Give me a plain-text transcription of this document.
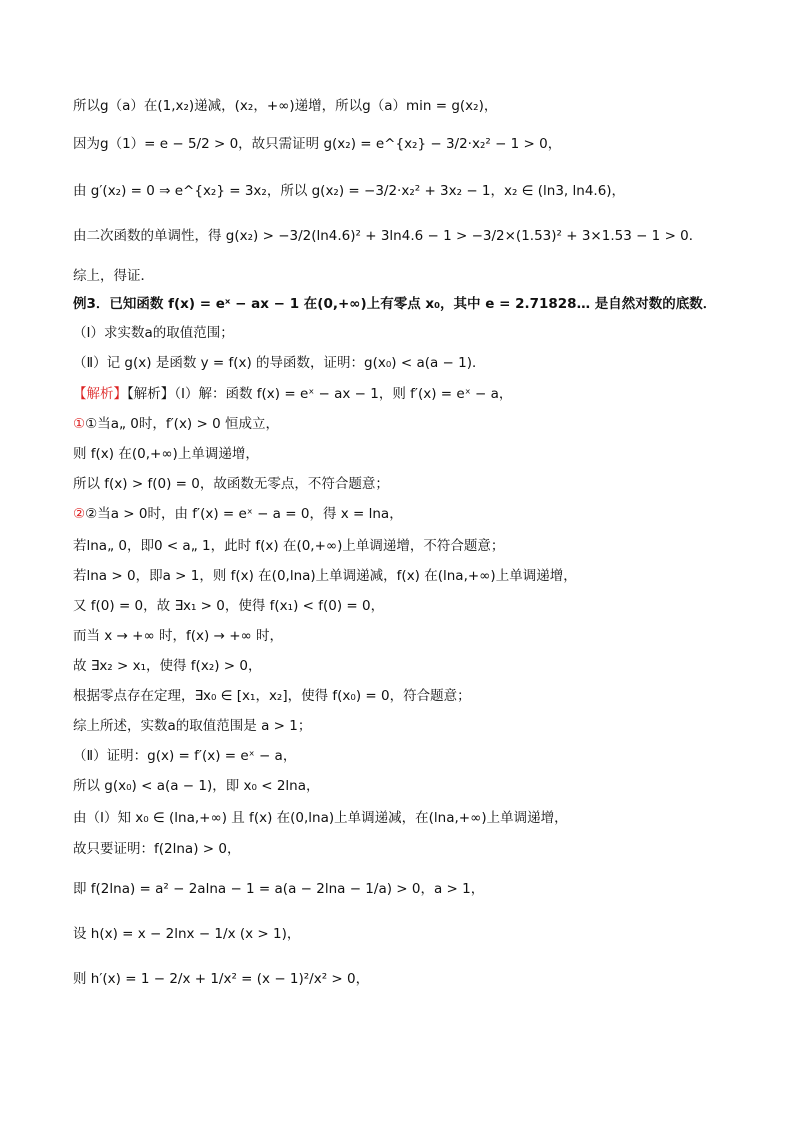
所以g（a）在(1,x₂)递减，(x₂，+∞)递增，所以g（a）min = g(x₂)，
因为g（1）= e − 5/2 > 0，故只需证明 g(x₂) = e^{x₂} − 3/2·x₂² − 1 > 0，
由 g′(x₂) = 0 ⇒ e^{x₂} = 3x₂，所以 g(x₂) = −3/2·x₂² + 3x₂ − 1，x₂ ∈ (ln3, ln4.6)，
由二次函数的单调性，得 g(x₂) > −3/2(ln4.6)² + 3ln4.6 − 1 > −3/2×(1.53)² + 3×1.53 − 1 > 0．
综上，得证．
例3．已知函数 f(x) = eˣ − ax − 1 在(0,+∞)上有零点 x₀，其中 e = 2.71828… 是自然对数的底数．
（Ⅰ）求实数a的取值范围；
（Ⅱ）记 g(x) 是函数 y = f(x) 的导函数，证明：g(x₀) < a(a − 1)．
【解析】【解析】（Ⅰ）解：函数 f(x) = eˣ − ax − 1，则 f′(x) = eˣ − a，
①①当a„ 0时，f′(x) > 0 恒成立，
则 f(x) 在(0,+∞)上单调递增，
所以 f(x) > f(0) = 0，故函数无零点，不符合题意；
②②当a > 0时，由 f′(x) = eˣ − a = 0，得 x = lna，
若lna„ 0，即0 < a„ 1，此时 f(x) 在(0,+∞)上单调递增，不符合题意；
若lna > 0，即a > 1，则 f(x) 在(0,lna)上单调递减，f(x) 在(lna,+∞)上单调递增，
又 f(0) = 0，故 ∃x₁ > 0，使得 f(x₁) < f(0) = 0，
而当 x → +∞ 时，f(x) → +∞ 时，
故 ∃x₂ > x₁，使得 f(x₂) > 0，
根据零点存在定理，∃x₀ ∈ [x₁，x₂]，使得 f(x₀) = 0，符合题意；
综上所述，实数a的取值范围是 a > 1；
（Ⅱ）证明：g(x) = f′(x) = eˣ − a，
所以 g(x₀) < a(a − 1)，即 x₀ < 2lna，
由（Ⅰ）知 x₀ ∈ (lna,+∞) 且 f(x) 在(0,lna)上单调递减，在(lna,+∞)上单调递增，
故只要证明：f(2lna) > 0，
即 f(2lna) = a² − 2alna − 1 = a(a − 2lna − 1/a) > 0，a > 1，
设 h(x) = x − 2lnx − 1/x (x > 1)，
则 h′(x) = 1 − 2/x + 1/x² = (x − 1)²/x² > 0，
